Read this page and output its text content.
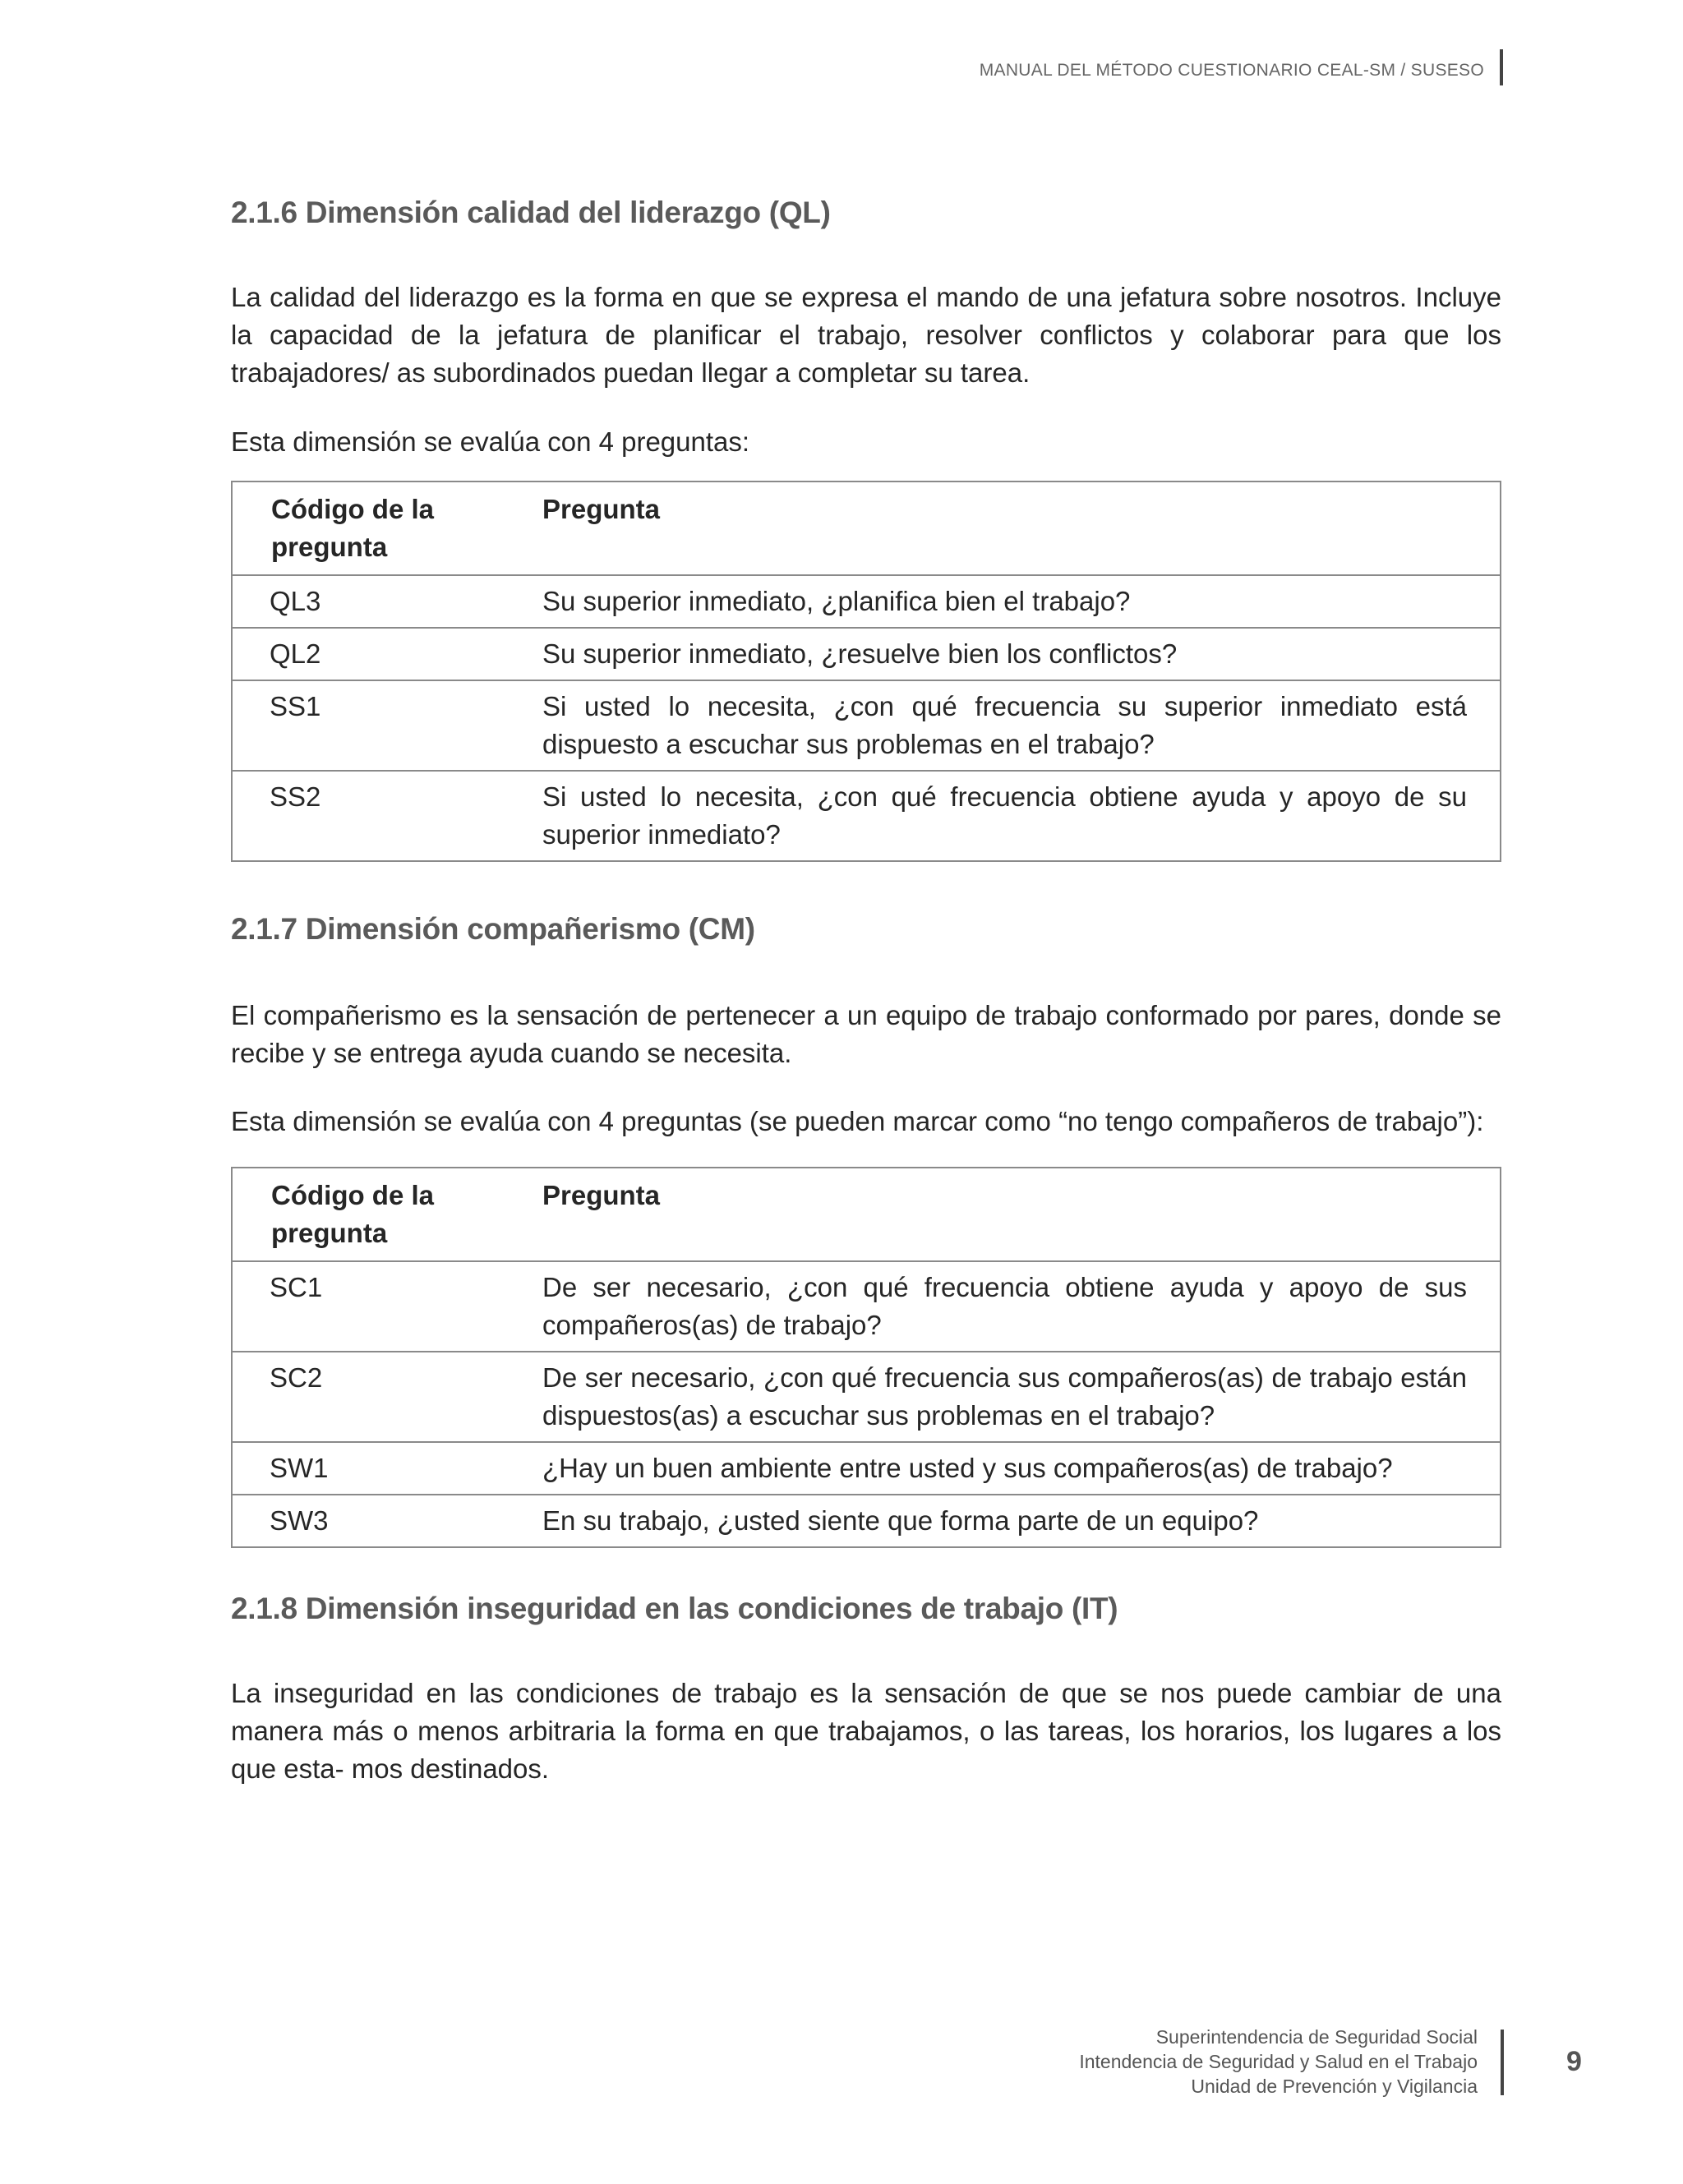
MANUAL DEL MÉTODO CUESTIONARIO CEAL-SM / SUSESO
2.1.6 Dimensión calidad del liderazgo (QL)

La calidad del liderazgo es la forma en que se expresa el mando de una jefatura sobre nosotros. Incluye la capacidad de la jefatura de planificar el trabajo, resolver conflictos y colaborar para que los trabajadores/ as subordinados puedan llegar a completar su tarea.

Esta dimensión se evalúa con 4 preguntas:

Código de la pregunta	Pregunta
QL3	Su superior inmediato, ¿planifica bien el trabajo?
QL2	Su superior inmediato, ¿resuelve bien los conflictos?
SS1	Si usted lo necesita, ¿con qué frecuencia su superior inmediato está dispuesto a escuchar sus problemas en el trabajo?
SS2	Si usted lo necesita, ¿con qué frecuencia obtiene ayuda y apoyo de su superior inmediato?
2.1.7 Dimensión compañerismo (CM)

El compañerismo es la sensación de pertenecer a un equipo de trabajo conformado por pares, donde se recibe y se entrega ayuda cuando se necesita.

Esta dimensión se evalúa con 4 preguntas (se pueden marcar como “no tengo compañeros de trabajo”):

Código de la pregunta	Pregunta
SC1	De ser necesario, ¿con qué frecuencia obtiene ayuda y apoyo de sus compañeros(as) de trabajo?
SC2	De ser necesario, ¿con qué frecuencia sus compañeros(as) de trabajo están dispuestos(as) a escuchar sus problemas en el trabajo?
SW1	¿Hay un buen ambiente entre usted y sus compañeros(as) de trabajo?
SW3	En su trabajo, ¿usted siente que forma parte de un equipo?
2.1.8 Dimensión inseguridad en las condiciones de trabajo (IT)

La inseguridad en las condiciones de trabajo es la sensación de que se nos puede cambiar de una manera más o menos arbitraria la forma en que trabajamos, o las tareas, los horarios, los lugares a los que esta- mos destinados.

Superintendencia de Seguridad Social
Intendencia de Seguridad y Salud en el Trabajo
Unidad de Prevención y Vigilancia
9
